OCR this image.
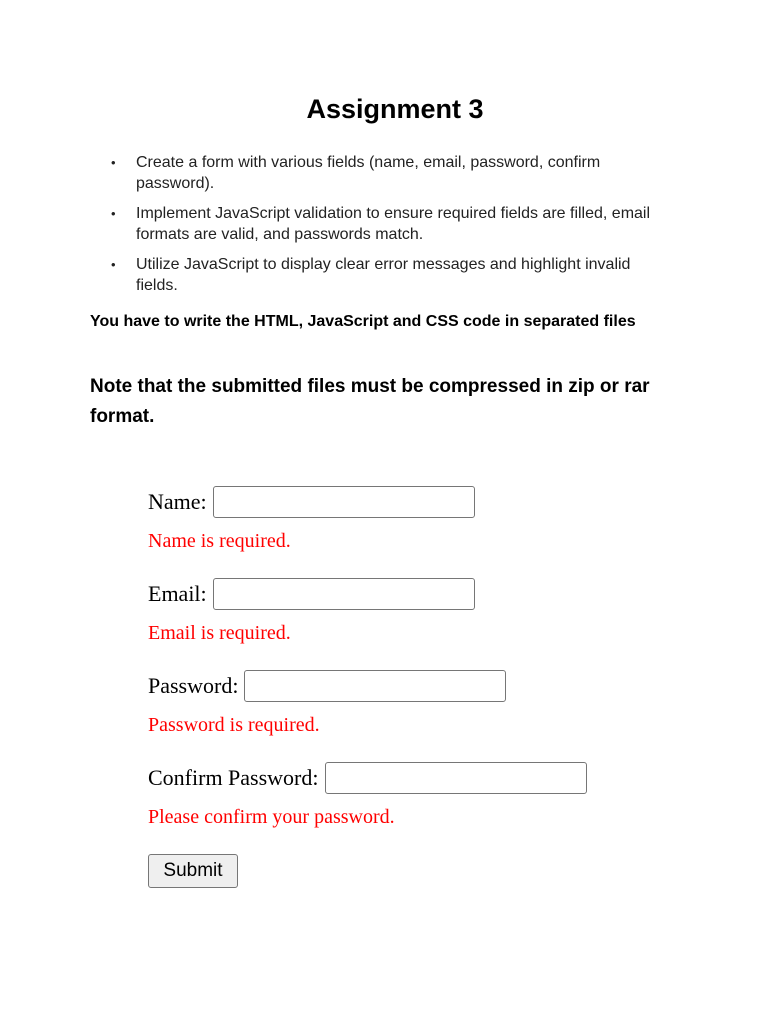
Assignment 3
• Create a form with various fields (name, email, password, confirm password).
• Implement JavaScript validation to ensure required fields are filled, email formats are valid, and passwords match.
• Utilize JavaScript to display clear error messages and highlight invalid fields.

You have to write the HTML, JavaScript and CSS code in separated files

Note that the submitted files must be compressed in zip or rar format.

Name:
Name is required.
Email:
Email is required.
Password:
Password is required.
Confirm Password:
Please confirm your password.
Submit
